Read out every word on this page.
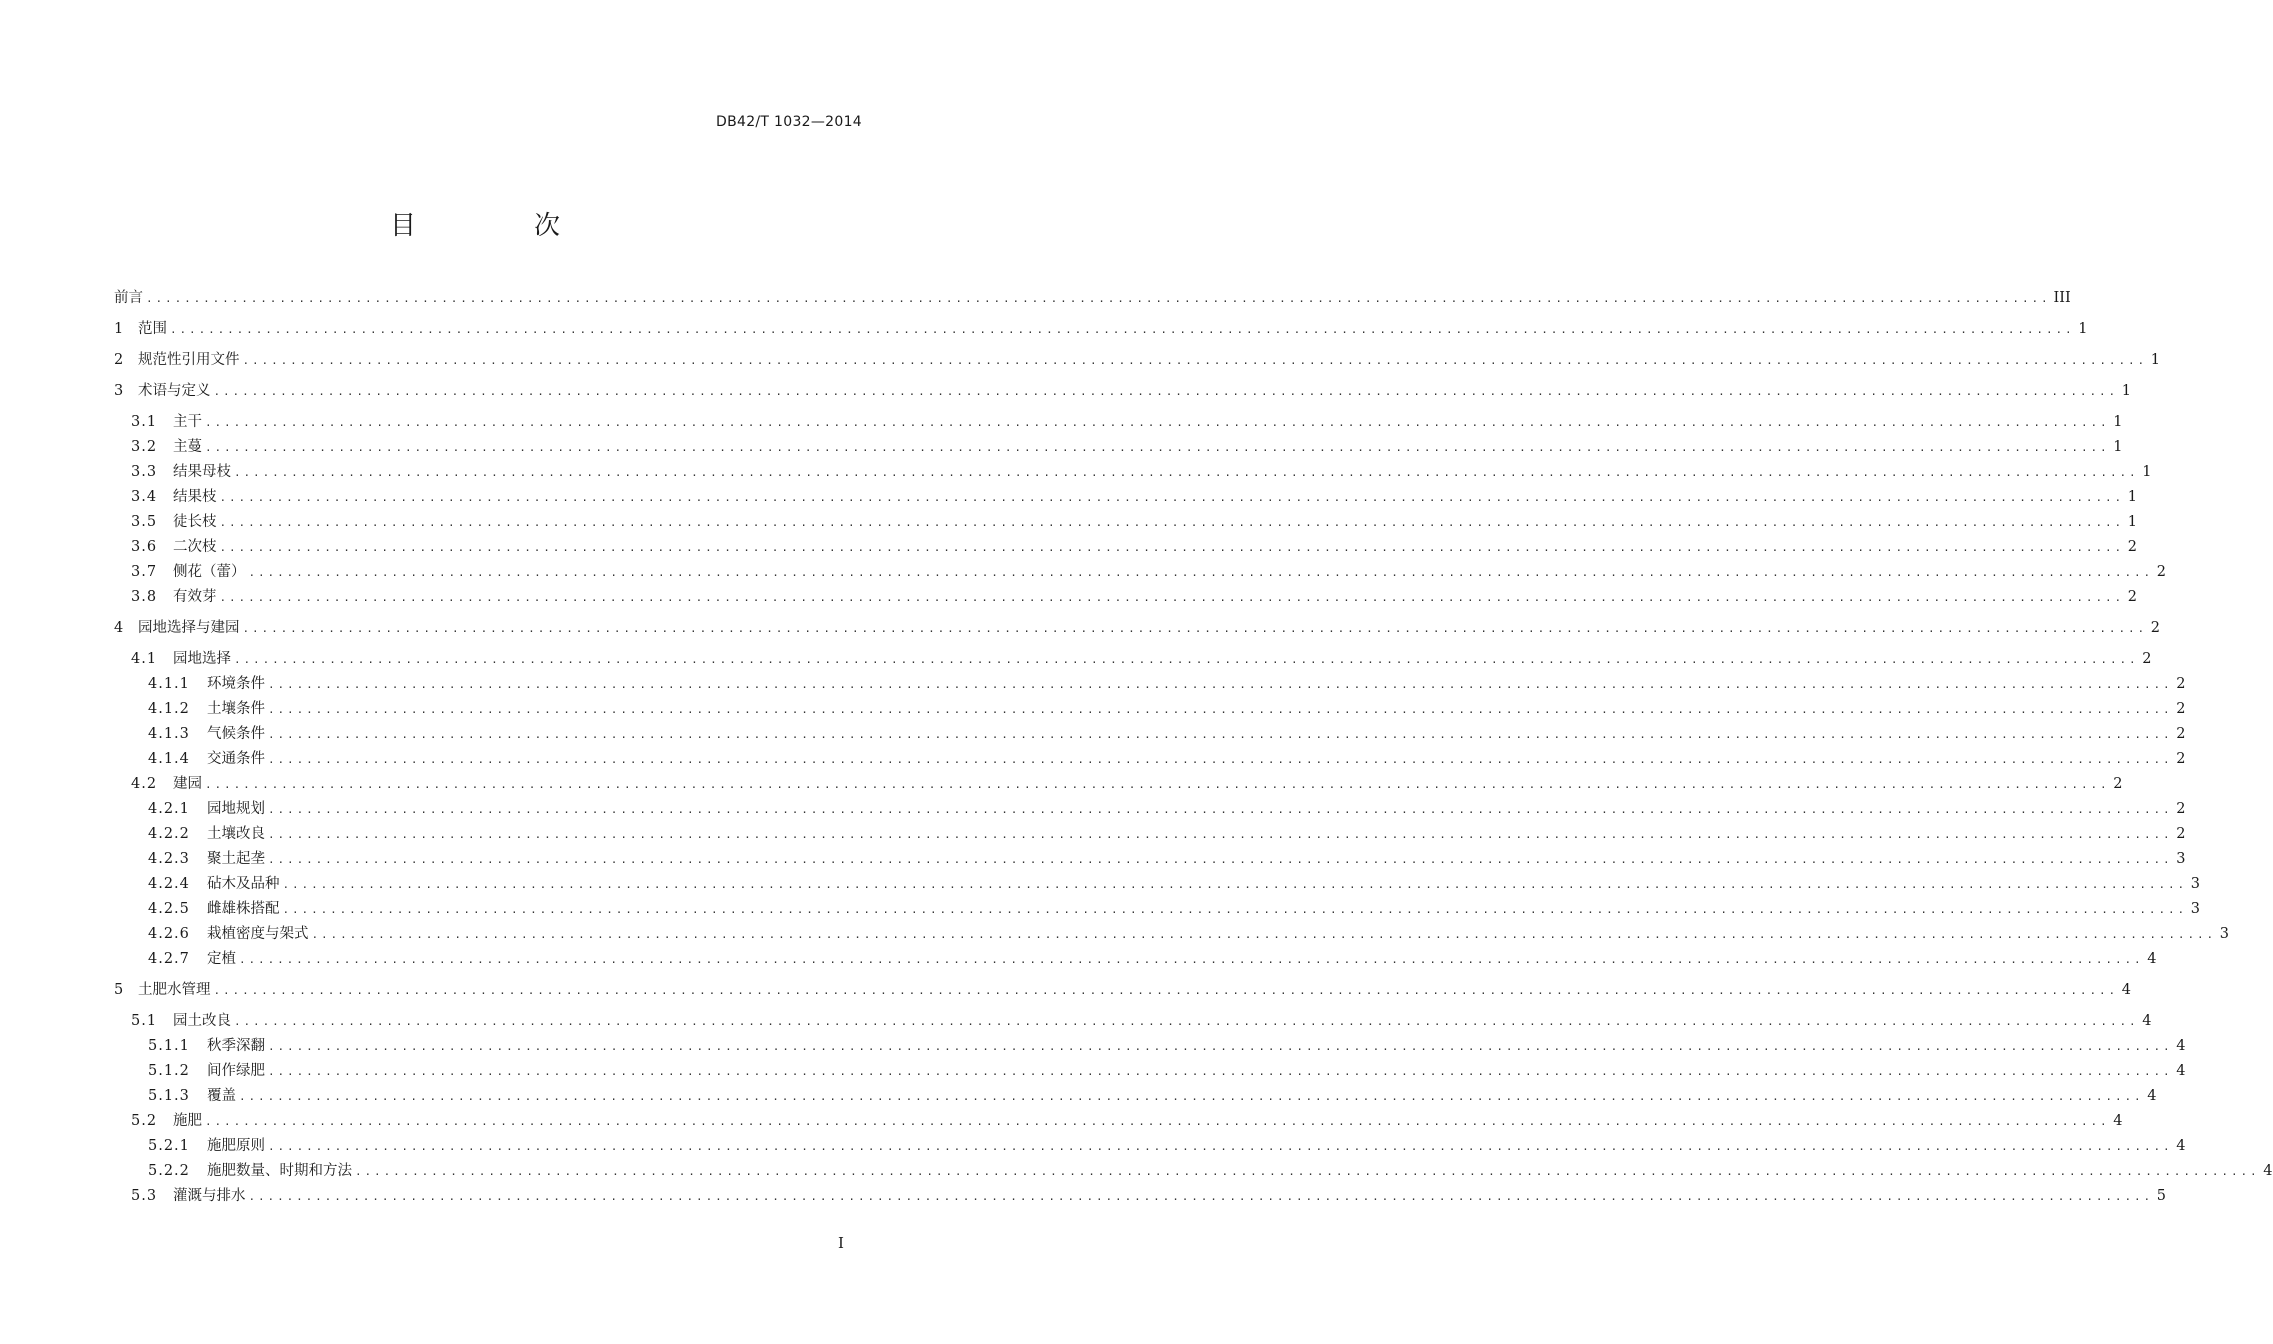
DB42/T 1032—2014
目　次
前言 ........................................................................................................................................................................................................ III
1 范围 ........................................................................................................................................................................................................ 1
2 规范性引用文件 ........................................................................................................................................................................................................ 1
3 术语与定义 ........................................................................................................................................................................................................ 1
3.1	主干 ........................................................................................................................................................................................................ 1
3.2	主蔓 ........................................................................................................................................................................................................ 1
3.3	结果母枝 ........................................................................................................................................................................................................ 1
3.4	结果枝 ........................................................................................................................................................................................................ 1
3.5	徒长枝 ........................................................................................................................................................................................................ 1
3.6	二次枝 ........................................................................................................................................................................................................ 2
3.7	侧花（蕾） ........................................................................................................................................................................................................ 2
3.8	有效芽 ........................................................................................................................................................................................................ 2
4 园地选择与建园 ........................................................................................................................................................................................................ 2
4.1	园地选择 ........................................................................................................................................................................................................ 2
4.1.1	环境条件 ........................................................................................................................................................................................................ 2
4.1.2	土壤条件 ........................................................................................................................................................................................................ 2
4.1.3	气候条件 ........................................................................................................................................................................................................ 2
4.1.4	交通条件 ........................................................................................................................................................................................................ 2
4.2	建园 ........................................................................................................................................................................................................ 2
4.2.1	园地规划 ........................................................................................................................................................................................................ 2
4.2.2	土壤改良 ........................................................................................................................................................................................................ 2
4.2.3	聚土起垄 ........................................................................................................................................................................................................ 3
4.2.4	砧木及品种 ........................................................................................................................................................................................................ 3
4.2.5	雌雄株搭配 ........................................................................................................................................................................................................ 3
4.2.6	栽植密度与架式 ........................................................................................................................................................................................................ 3
4.2.7	定植 ........................................................................................................................................................................................................ 4
5 土肥水管理 ........................................................................................................................................................................................................ 4
5.1	园土改良 ........................................................................................................................................................................................................ 4
5.1.1	秋季深翻 ........................................................................................................................................................................................................ 4
5.1.2	间作绿肥 ........................................................................................................................................................................................................ 4
5.1.3	覆盖 ........................................................................................................................................................................................................ 4
5.2	施肥 ........................................................................................................................................................................................................ 4
5.2.1	施肥原则 ........................................................................................................................................................................................................ 4
5.2.2	施肥数量、时期和方法 ........................................................................................................................................................................................................ 4
5.3	灌溉与排水 ........................................................................................................................................................................................................ 5
I
